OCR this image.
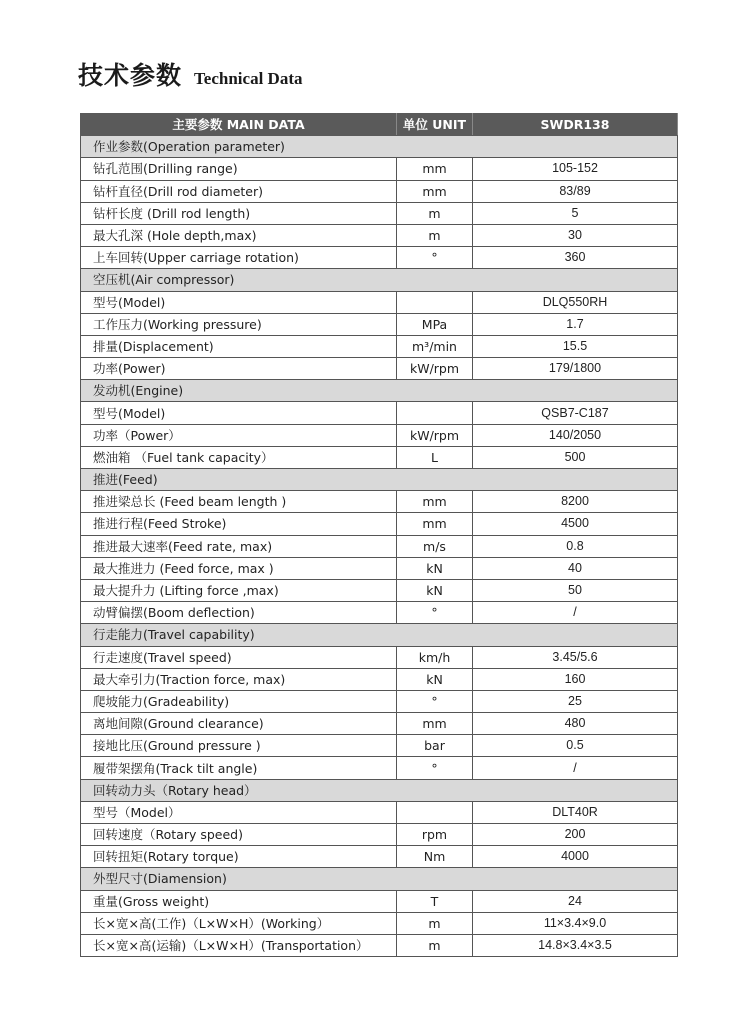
技术参数 Technical Data
主要参数 MAIN DATA	单位 UNIT	SWDR138
作业参数(Operation parameter)		
钻孔范围(Drilling range)	mm	105-152
钻杆直径(Drill rod diameter)	mm	83/89
钻杆长度 (Drill rod length)	m	5
最大孔深 (Hole depth,max)	m	30
上车回转(Upper carriage rotation)	°	360
空压机(Air compressor)		
型号(Model)		DLQ550RH
工作压力(Working pressure)	MPa	1.7
排量(Displacement)	m³/min	15.5
功率(Power)	kW/rpm	179/1800
发动机(Engine)		
型号(Model)		QSB7-C187
功率（Power）	kW/rpm	140/2050
燃油箱 （Fuel tank capacity）	L	500
推进(Feed)		
推进梁总长 (Feed beam length )	mm	8200
推进行程(Feed Stroke)	mm	4500
推进最大速率(Feed rate, max)	m/s	0.8
最大推进力 (Feed force, max )	kN	40
最大提升力 (Lifting force ,max)	kN	50
动臂偏摆(Boom deflection)	°	/
行走能力(Travel capability)		
行走速度(Travel speed)	km/h	3.45/5.6
最大牵引力(Traction force, max)	kN	160
爬坡能力(Gradeability)	°	25
离地间隙(Ground clearance)	mm	480
接地比压(Ground pressure )	bar	0.5
履带架摆角(Track tilt angle)	°	/
回转动力头（Rotary head）		
型号（Model）		DLT40R
回转速度（Rotary speed)	rpm	200
回转扭矩(Rotary torque)	Nm	4000
外型尺寸(Diamension)		
重量(Gross weight)	T	24
长×宽×高(工作)（L×W×H）(Working）	m	11×3.4×9.0
长×宽×高(运输)（L×W×H）(Transportation）	m	14.8×3.4×3.5
